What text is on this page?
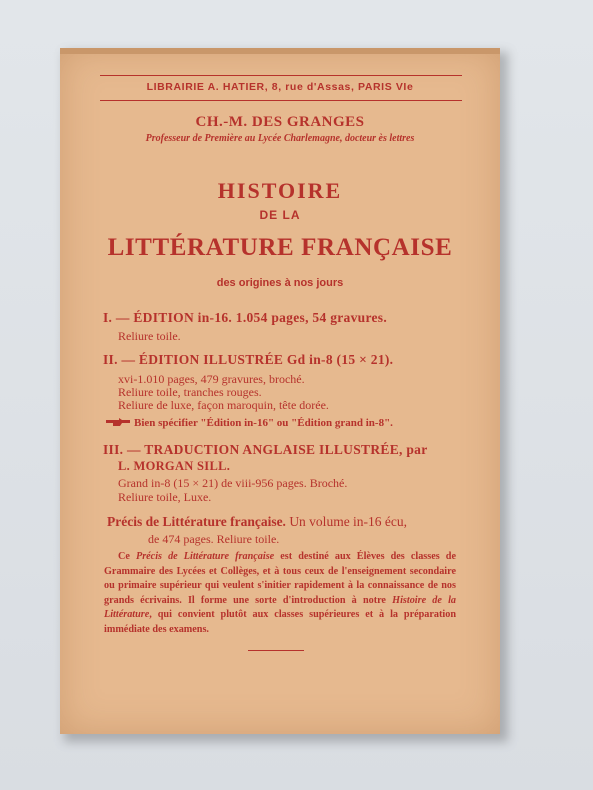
LIBRAIRIE A. HATIER, 8, rue d'Assas, PARIS VIe
CH.-M. DES GRANGES
Professeur de Première au Lycée Charlemagne, docteur ès lettres
HISTOIRE
DE LA
LITTÉRATURE FRANÇAISE
des origines à nos jours
I. — ÉDITION in-16. 1.054 pages, 54 gravures.
Reliure toile.
II. — ÉDITION ILLUSTRÉE Gd in-8 (15 × 21).
xvi-1.010 pages, 479 gravures, broché.
Reliure toile, tranches rouges.
Reliure de luxe, façon maroquin, tête dorée.
Bien spécifier "Édition in-16" ou "Édition grand in-8".
III. — TRADUCTION ANGLAISE ILLUSTRÉE, par
L. MORGAN SILL.
Grand in-8 (15 × 21) de viii-956 pages. Broché.
Reliure toile, Luxe.
Précis de Littérature française. Un volume in-16 écu,
de 474 pages. Reliure toile.
Ce Précis de Littérature française est destiné aux Élèves des classes de Grammaire des Lycées et Collèges, et à tous ceux de l'enseignement secondaire ou primaire supérieur qui veulent s'initier rapidement à la connaissance de nos grands écrivains. Il forme une sorte d'introduction à notre Histoire de la Littérature, qui convient plutôt aux classes supérieures et à la préparation immédiate des examens.
